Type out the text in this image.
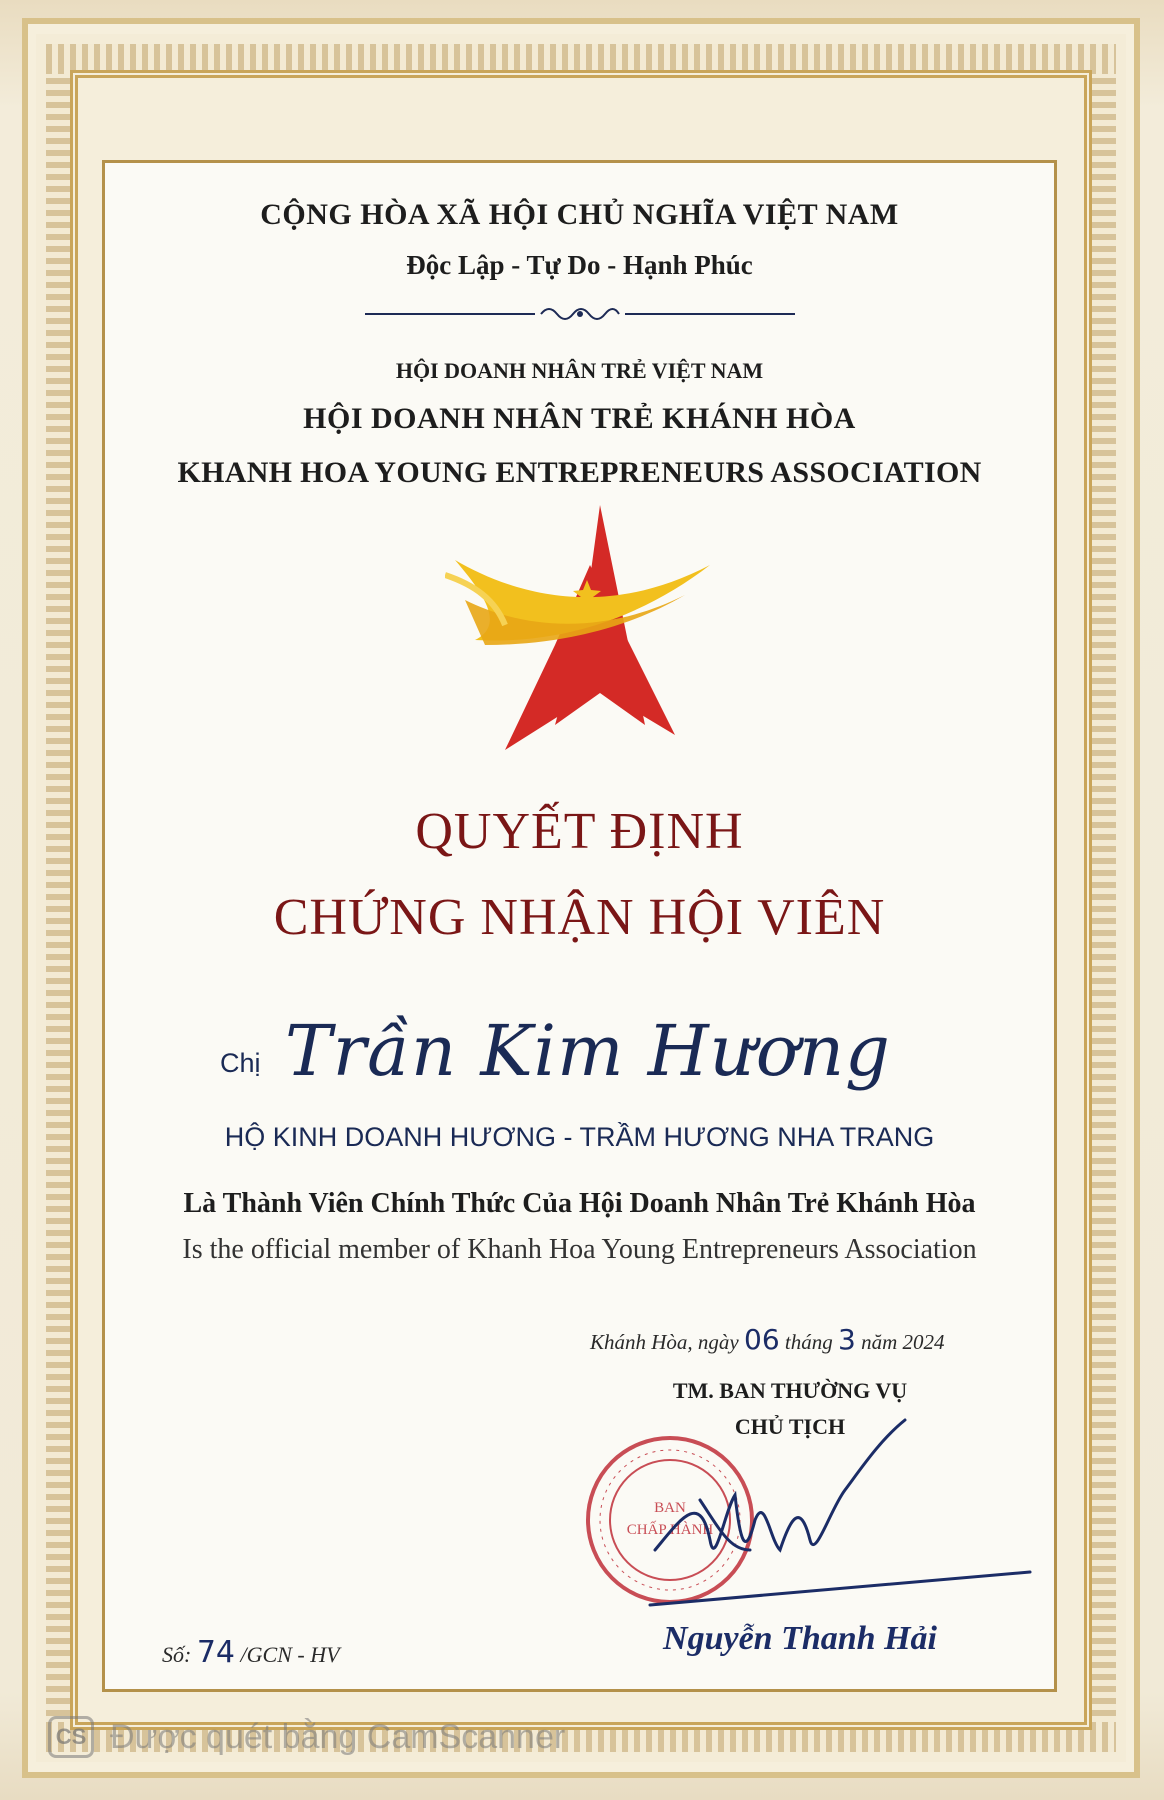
CỘNG HÒA XÃ HỘI CHỦ NGHĨA VIỆT NAM
Độc Lập - Tự Do - Hạnh Phúc
HỘI DOANH NHÂN TRẺ VIỆT NAM
HỘI DOANH NHÂN TRẺ KHÁNH HÒA
KHANH HOA YOUNG ENTREPRENEURS ASSOCIATION
QUYẾT ĐỊNH
CHỨNG NHẬN HỘI VIÊN
Chị Trần Kim Hương
HỘ KINH DOANH HƯƠNG - TRẦM HƯƠNG NHA TRANG
Là Thành Viên Chính Thức Của Hội Doanh Nhân Trẻ Khánh Hòa
Is the official member of Khanh Hoa Young Entrepreneurs Association
Khánh Hòa, ngày 06 tháng 3 năm 2024
TM. BAN THƯỜNG VỤ
CHỦ TỊCH
BAN
CHẤP HÀNH
Nguyễn Thanh Hải
Số: 74 /GCN - HV
CS Được quét bằng CamScanner
